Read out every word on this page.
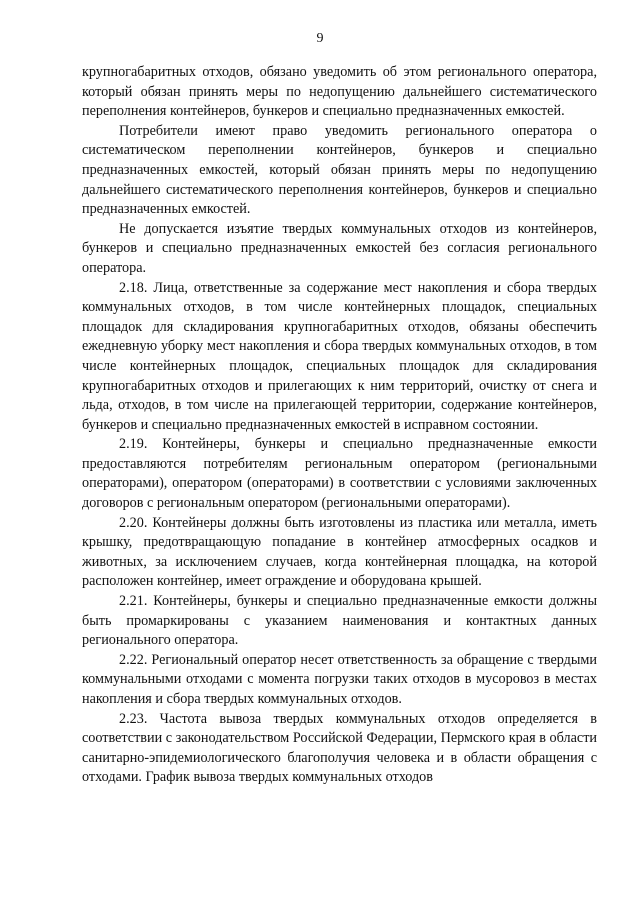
9

крупногабаритных отходов, обязано уведомить об этом регионального оператора, который обязан принять меры по недопущению дальнейшего систематического переполнения контейнеров, бункеров и специально предназначенных емкостей.

Потребители имеют право уведомить регионального оператора о систематическом переполнении контейнеров, бункеров и специально предназначенных емкостей, который обязан принять меры по недопущению дальнейшего систематического переполнения контейнеров, бункеров и специально предназначенных емкостей.

Не допускается изъятие твердых коммунальных отходов из контейнеров, бункеров и специально предназначенных емкостей без согласия регионального оператора.

2.18. Лица, ответственные за содержание мест накопления и сбора твердых коммунальных отходов, в том числе контейнерных площадок, специальных площадок для складирования крупногабаритных отходов, обязаны обеспечить ежедневную уборку мест накопления и сбора твердых коммунальных отходов, в том числе контейнерных площадок, специальных площадок для складирования крупногабаритных отходов и прилегающих к ним территорий, очистку от снега и льда, отходов, в том числе на прилегающей территории, содержание контейнеров, бункеров и специально предназначенных емкостей в исправном состоянии.

2.19. Контейнеры, бункеры и специально предназначенные емкости предоставляются потребителям региональным оператором (региональными операторами), оператором (операторами) в соответствии с условиями заключенных договоров с региональным оператором (региональными операторами).

2.20. Контейнеры должны быть изготовлены из пластика или металла, иметь крышку, предотвращающую попадание в контейнер атмосферных осадков и животных, за исключением случаев, когда контейнерная площадка, на которой расположен контейнер, имеет ограждение и оборудована крышей.

2.21. Контейнеры, бункеры и специально предназначенные емкости должны быть промаркированы с указанием наименования и контактных данных регионального оператора.

2.22. Региональный оператор несет ответственность за обращение с твердыми коммунальными отходами с момента погрузки таких отходов в мусоровоз в местах накопления и сбора твердых коммунальных отходов.

2.23. Частота вывоза твердых коммунальных отходов определяется в соответствии с законодательством Российской Федерации, Пермского края в области санитарно-эпидемиологического благополучия человека и в области обращения с отходами. График вывоза твердых коммунальных отходов
